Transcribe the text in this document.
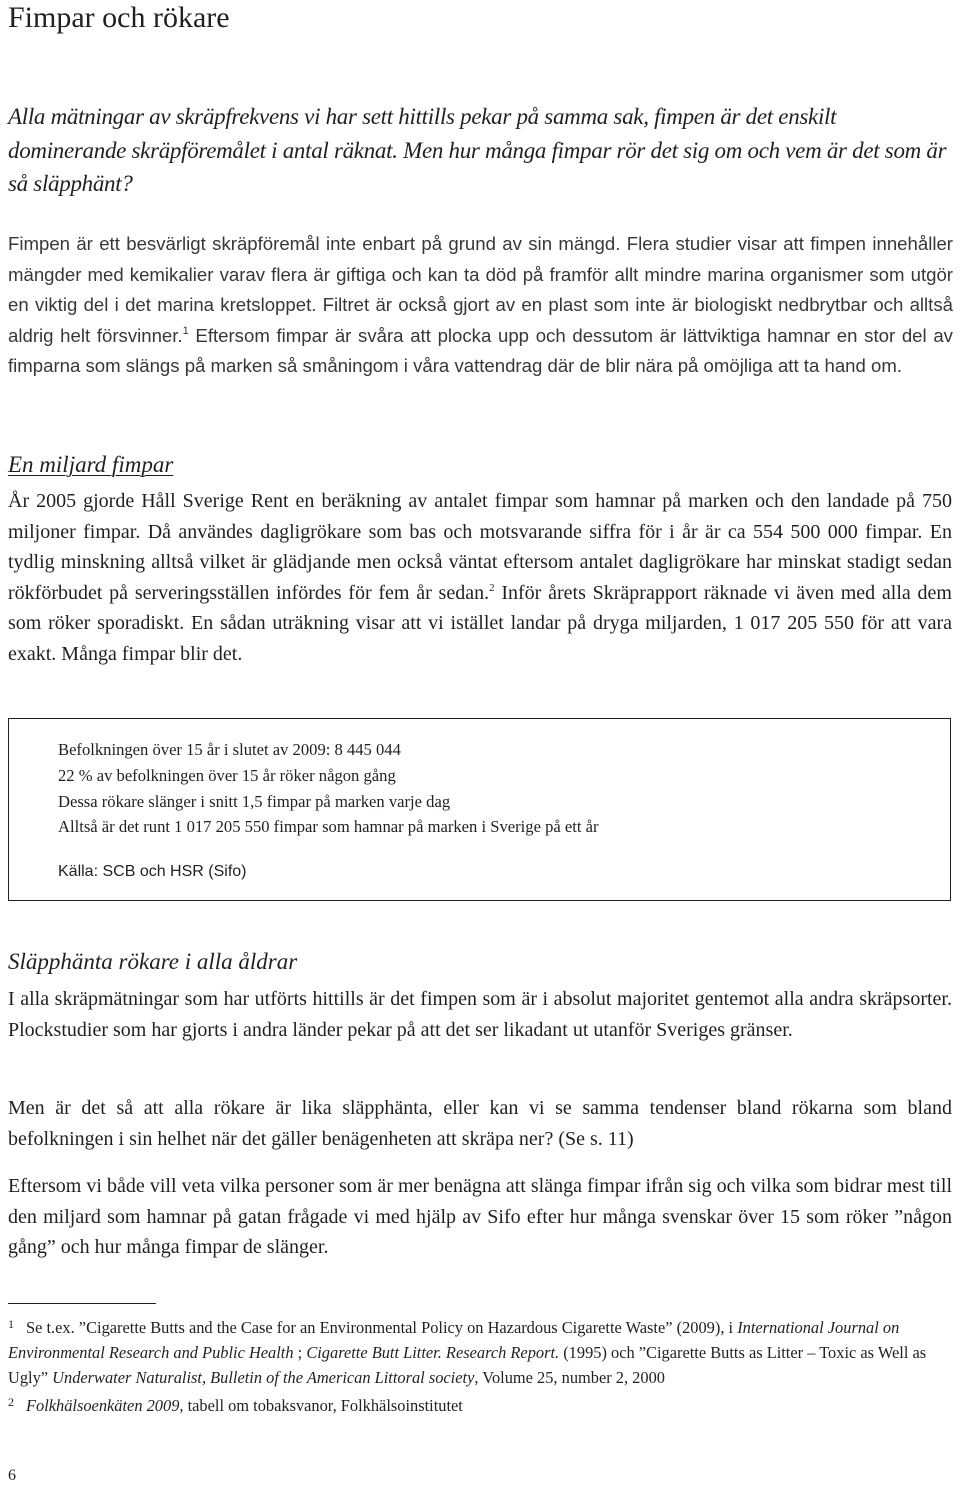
Fimpar och rökare

Alla mätningar av skräpfrekvens vi har sett hittills pekar på samma sak, fimpen är det enskilt dominerande skräpföremålet i antal räknat. Men hur många fimpar rör det sig om och vem är det som är så släpphänt?

Fimpen är ett besvärligt skräpföremål inte enbart på grund av sin mängd. Flera studier visar att fimpen innehåller mängder med kemikalier varav flera är giftiga och kan ta död på framför allt mindre marina organismer som utgör en viktig del i det marina kretsloppet. Filtret är också gjort av en plast som inte är biologiskt nedbrytbar och alltså aldrig helt försvinner.$^1$ Eftersom fimpar är svåra att plocka upp och dessutom är lättviktiga hamnar en stor del av fimparna som slängs på marken så småningom i våra vattendrag där de blir nära på omöjliga att ta hand om.

En miljard fimpar

År 2005 gjorde Håll Sverige Rent en beräkning av antalet fimpar som hamnar på marken och den landade på 750 miljoner fimpar. Då användes dagligrökare som bas och motsvarande siffra för i år är ca 554 500 000 fimpar. En tydlig minskning alltså vilket är glädjande men också väntat eftersom antalet dagligrökare har minskat stadigt sedan rökförbudet på serveringsställen infördes för fem år sedan.$^2$ Inför årets Skräprapport räknade vi även med alla dem som röker sporadiskt. En sådan uträkning visar att vi istället landar på dryga miljarden, 1 017 205 550 för att vara exakt. Många fimpar blir det.

Befolkningen över 15 år i slutet av 2009: 8 445 044
22 % av befolkningen över 15 år röker någon gång
Dessa rökare slänger i snitt 1,5 fimpar på marken varje dag
Alltså är det runt 1 017 205 550 fimpar som hamnar på marken i Sverige på ett år
Källa: SCB och HSR (Sifo)
Släpphänta rökare i alla åldrar

I alla skräpmätningar som har utförts hittills är det fimpen som är i absolut majoritet gentemot alla andra skräpsorter. Plockstudier som har gjorts i andra länder pekar på att det ser likadant ut utanför Sveriges gränser.

Men är det så att alla rökare är lika släpphänta, eller kan vi se samma tendenser bland rökarna som bland befolkningen i sin helhet när det gäller benägenheten att skräpa ner? (Se s. 11)

Eftersom vi både vill veta vilka personer som är mer benägna att slänga fimpar ifrån sig och vilka som bidrar mest till den miljard som hamnar på gatan frågade vi med hjälp av Sifo efter hur många svenskar över 15 som röker ”någon gång” och hur många fimpar de slänger.

1 Se t.ex. ”Cigarette Butts and the Case for an Environmental Policy on Hazardous Cigarette Waste” (2009), i International Journal on Environmental Research and Public Health ; Cigarette Butt Litter. Research Report. (1995) och ”Cigarette Butts as Litter – Toxic as Well as Ugly” Underwater Naturalist, Bulletin of the American Littoral society, Volume 25, number 2, 2000

2 Folkhälsoenkäten 2009, tabell om tobaksvanor, Folkhälsoinstitutet

6
